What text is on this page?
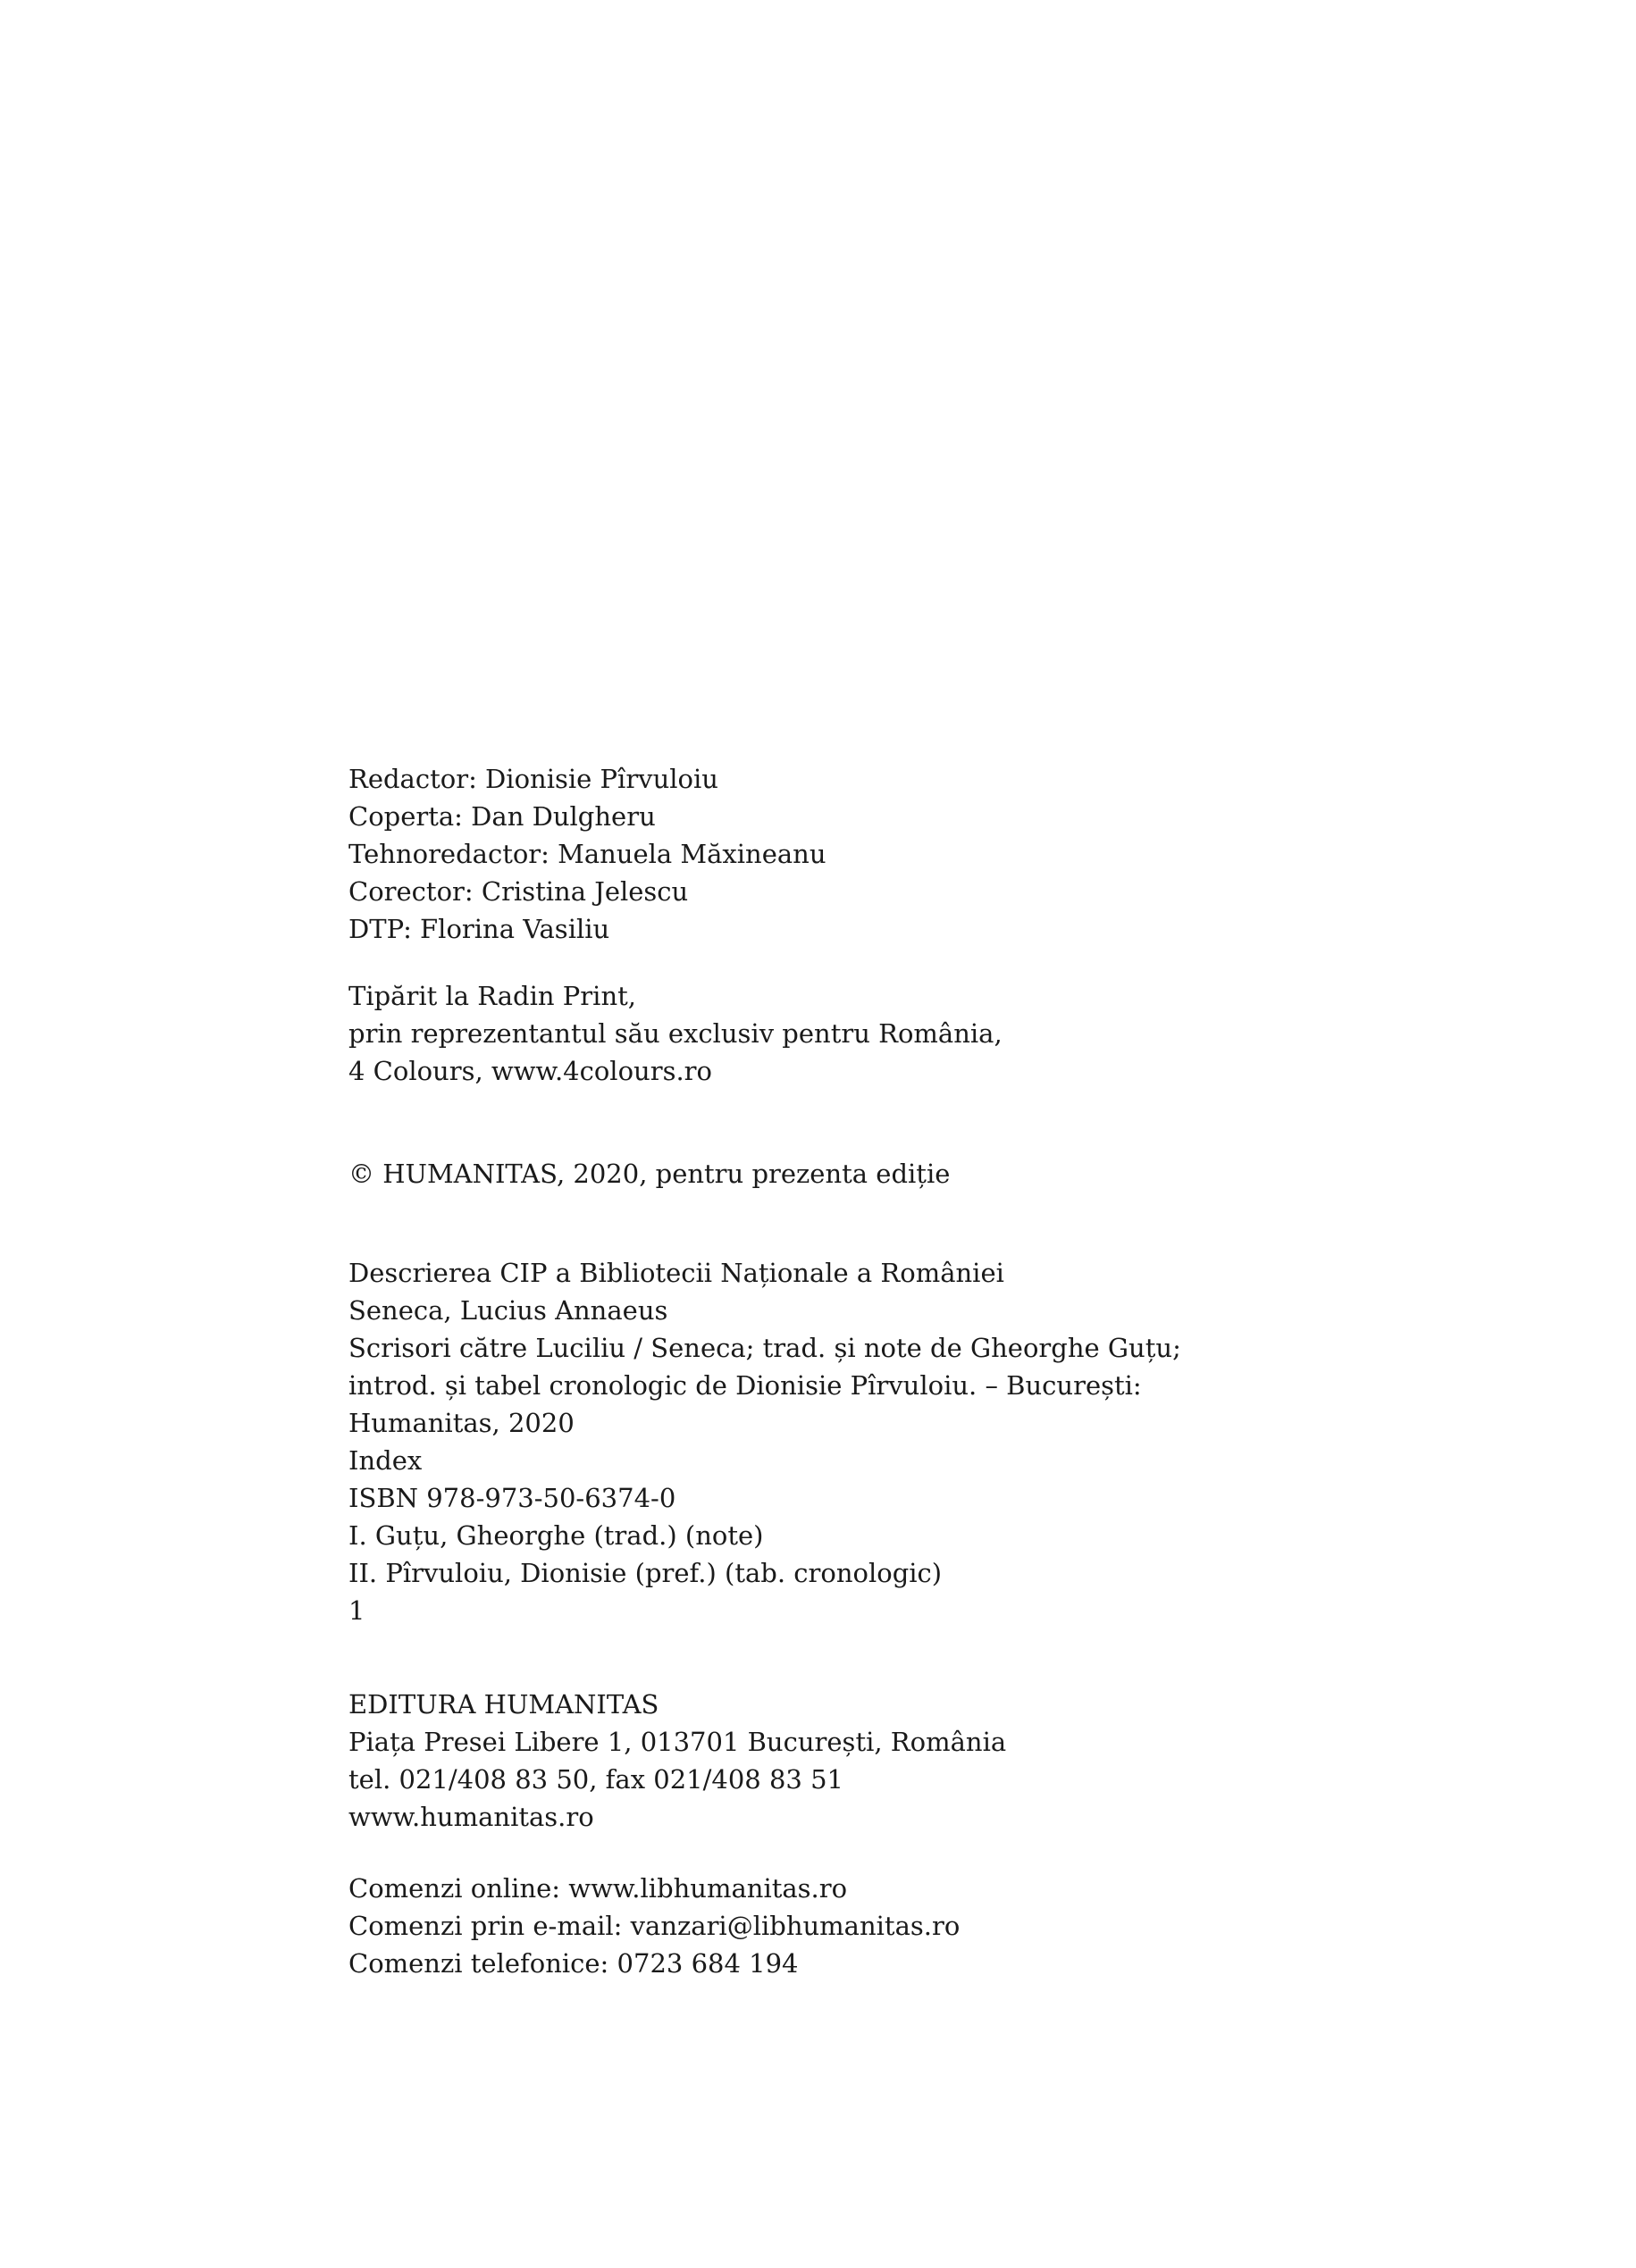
Redactor: Dionisie Pîrvuloiu
Coperta: Dan Dulgheru
Tehnoredactor: Manuela Măxineanu
Corector: Cristina Jelescu
DTP: Florina Vasiliu
Tipărit la Radin Print,
prin reprezentantul său exclusiv pentru România,
4 Colours, www.4colours.ro
© HUMANITAS, 2020, pentru prezenta ediție
Descrierea CIP a Bibliotecii Naționale a României
Seneca, Lucius Annaeus
Scrisori către Luciliu / Seneca; trad. și note de Gheorghe Guțu;
introd. și tabel cronologic de Dionisie Pîrvuloiu. – București:
Humanitas, 2020
Index
ISBN 978-973-50-6374-0
I. Guțu, Gheorghe (trad.) (note)
II. Pîrvuloiu, Dionisie (pref.) (tab. cronologic)
1
EDITURA HUMANITAS
Piața Presei Libere 1, 013701 București, România
tel. 021/408 83 50, fax 021/408 83 51
www.humanitas.ro
Comenzi online: www.libhumanitas.ro
Comenzi prin e-mail: vanzari@libhumanitas.ro
Comenzi telefonice: 0723 684 194
